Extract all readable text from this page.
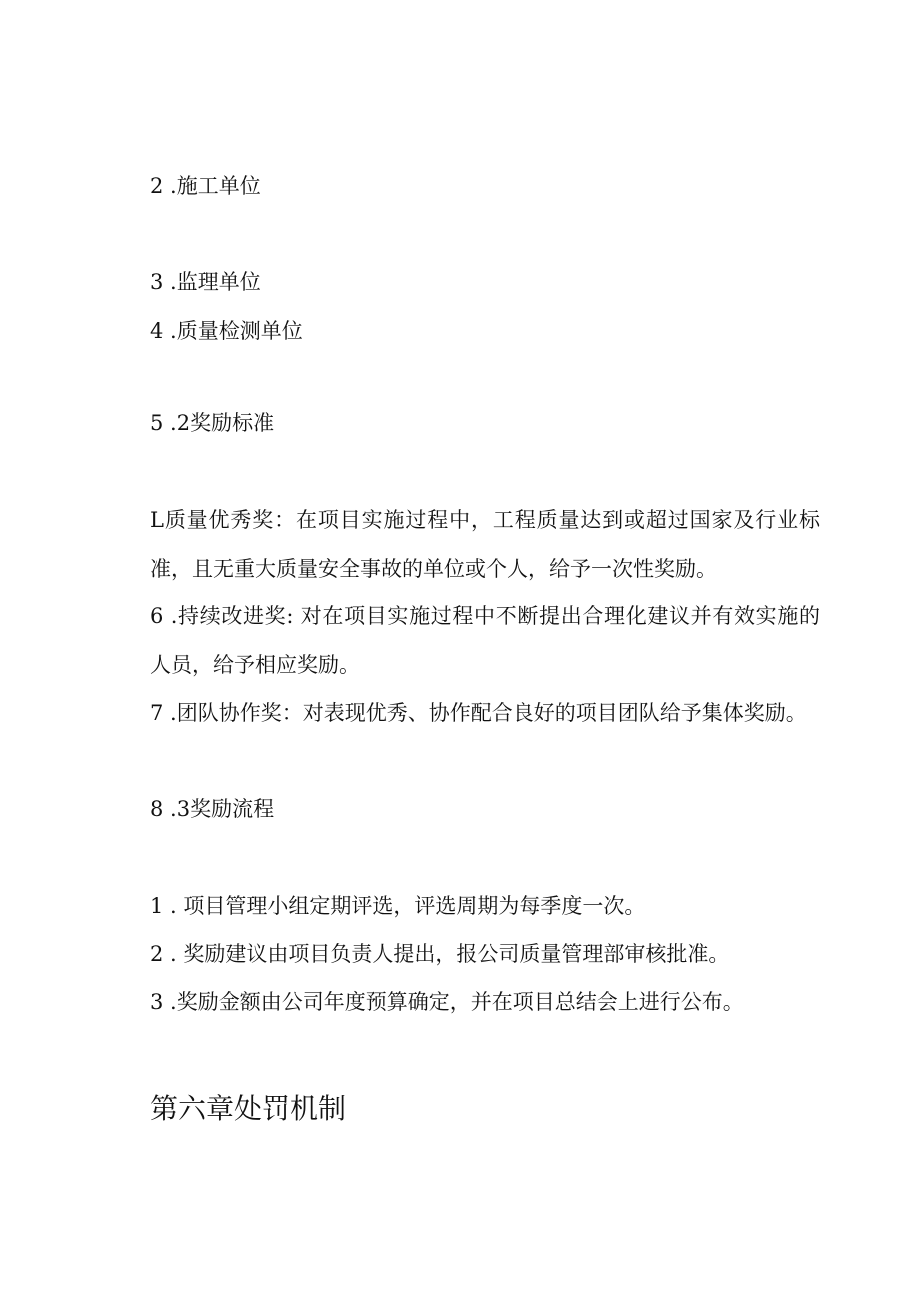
2 .施工单位
3 .监理单位
4 .质量检测单位
5 .2奖励标准
L质量优秀奖：在项目实施过程中，工程质量达到或超过国家及行业标
准，且无重大质量安全事故的单位或个人，给予一次性奖励。
6 .持续改进奖: 对在项目实施过程中不断提出合理化建议并有效实施的
人员，给予相应奖励。
7 .团队协作奖：对表现优秀、协作配合良好的项目团队给予集体奖励。
8 .3奖励流程
1 . 项目管理小组定期评选，评选周期为每季度一次。
2 . 奖励建议由项目负责人提出，报公司质量管理部审核批准。
3 .奖励金额由公司年度预算确定，并在项目总结会上进行公布。
第六章处罚机制
